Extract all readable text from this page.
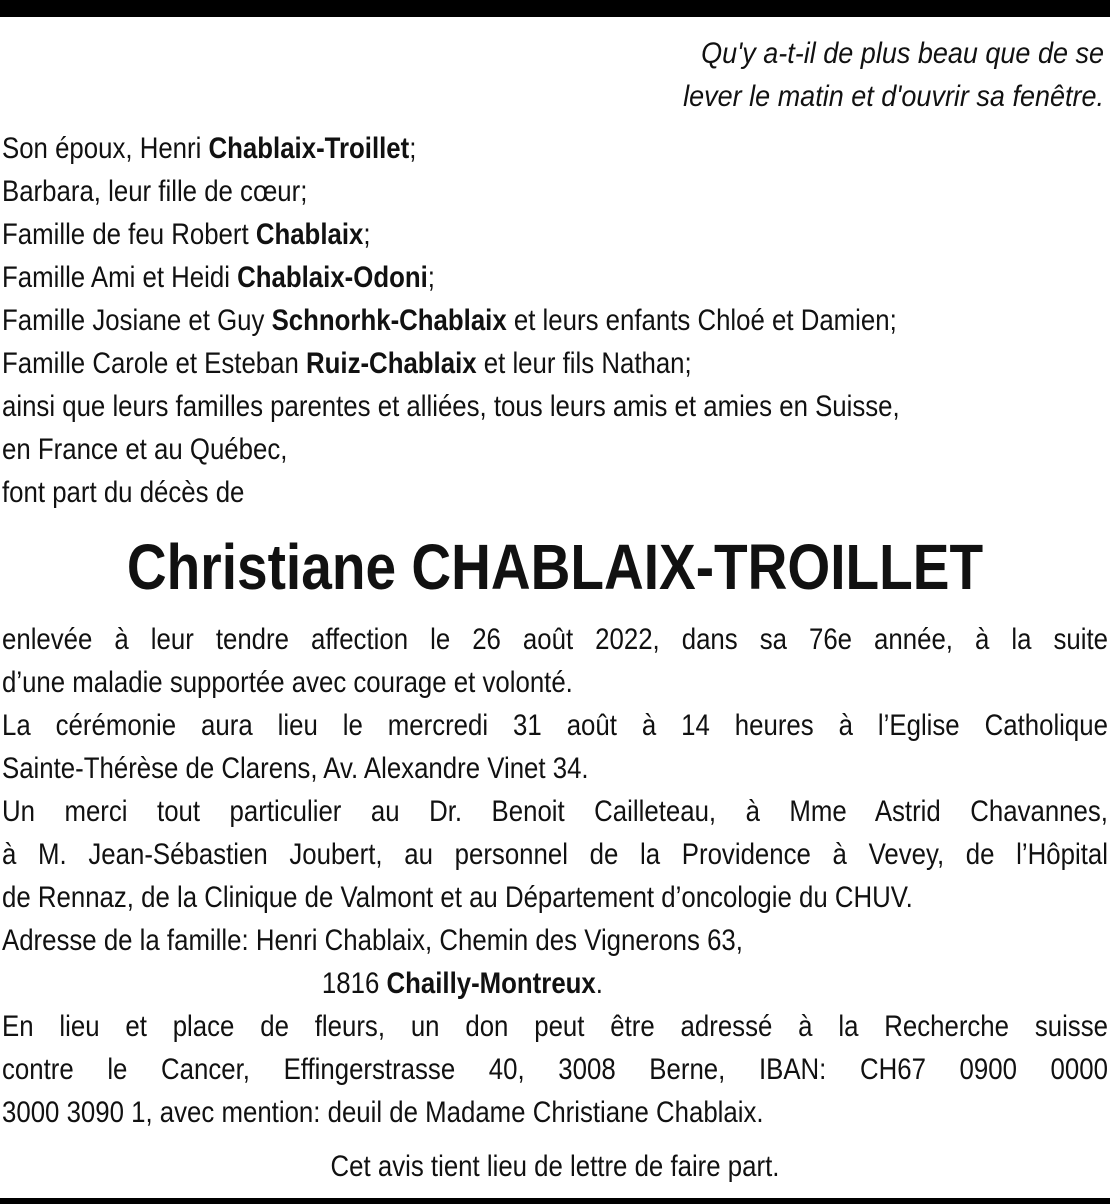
Qu'y a-t-il de plus beau que de se
lever le matin et d'ouvrir sa fenêtre.
Son époux, Henri Chablaix-Troillet;
Barbara, leur fille de cœur;
Famille de feu Robert Chablaix;
Famille Ami et Heidi Chablaix-Odoni;
Famille Josiane et Guy Schnorhk-Chablaix et leurs enfants Chloé et Damien;
Famille Carole et Esteban Ruiz-Chablaix et leur fils Nathan;
ainsi que leurs familles parentes et alliées, tous leurs amis et amies en Suisse,
en France et au Québec,
font part du décès de
Christiane CHABLAIX-TROILLET
enlevée à leur tendre affection le 26 août 2022, dans sa 76e année, à la suite
d’une maladie supportée avec courage et volonté.
La cérémonie aura lieu le mercredi 31 août à 14 heures à l’Eglise Catholique
Sainte-Thérèse de Clarens, Av. Alexandre Vinet 34.
Un merci tout particulier au Dr. Benoit Cailleteau, à Mme Astrid Chavannes,
à M. Jean-Sébastien Joubert, au personnel de la Providence à Vevey, de l’Hôpital
de Rennaz, de la Clinique de Valmont et au Département d’oncologie du CHUV.
Adresse de la famille: Henri Chablaix, Chemin des Vignerons 63,
1816 Chailly-Montreux.
En lieu et place de fleurs, un don peut être adressé à la Recherche suisse
contre le Cancer, Effingerstrasse 40, 3008 Berne, IBAN: CH67 0900 0000
3000 3090 1, avec mention: deuil de Madame Christiane Chablaix.
Cet avis tient lieu de lettre de faire part.
